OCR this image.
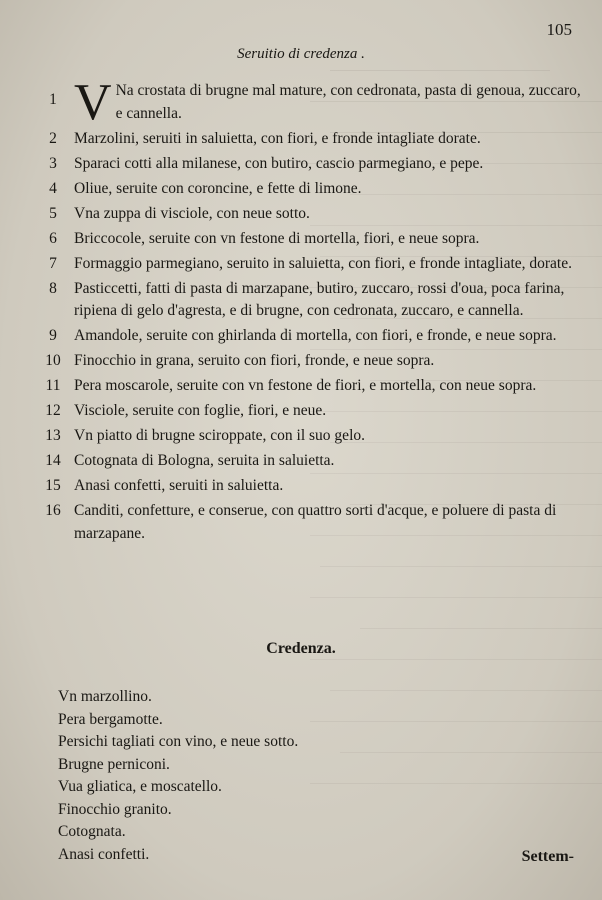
105
Seruitio di credenza .
1 V Na crostata di brugne mal mature, con cedronata, pasta di genoua, zuccaro, e cannella.
2	Marzolini, seruiti in saluietta, con fiori, e fronde intagliate dorate.
3	Sparaci cotti alla milanese, con butiro, cascio parmegiano, e pepe.
4	Oliue, seruite con coroncine, e fette di limone.
5	Vna zuppa di visciole, con neue sotto.
6	Briccocole, seruite con vn festone di mortella, fiori, e neue sopra.
7	Formaggio parmegiano, seruito in saluietta, con fiori, e fronde intagliate, dorate.
8	Pasticcetti, fatti di pasta di marzapane, butiro, zuccaro, rossi d'oua, poca farina, ripiena di gelo d'agresta, e di brugne, con cedronata, zuccaro, e cannella.
9	Amandole, seruite con ghirlanda di mortella, con fiori, e fronde, e neue sopra.
10 Finocchio in grana, seruito con fiori, fronde, e neue sopra.
11 Pera moscarole, seruite con vn festone de fiori, e mortella, con neue sopra.
12 Visciole, seruite con foglie, fiori, e neue.
13 Vn piatto di brugne sciroppate, con il suo gelo.
14 Cotognata di Bologna, seruita in saluietta.
15 Anasi confetti, seruiti in saluietta.
16 Canditi, confetture, e conserue, con quattro sorti d'acque, e poluere di pasta di marzapane.
Credenza.
Vn marzollino.
Pera bergamotte.
Persichi tagliati con vino, e neue sotto.
Brugne perniconi.
Vua gliatica, e moscatello.
Finocchio granito.
Cotognata.
Anasi confetti.	Settem-
